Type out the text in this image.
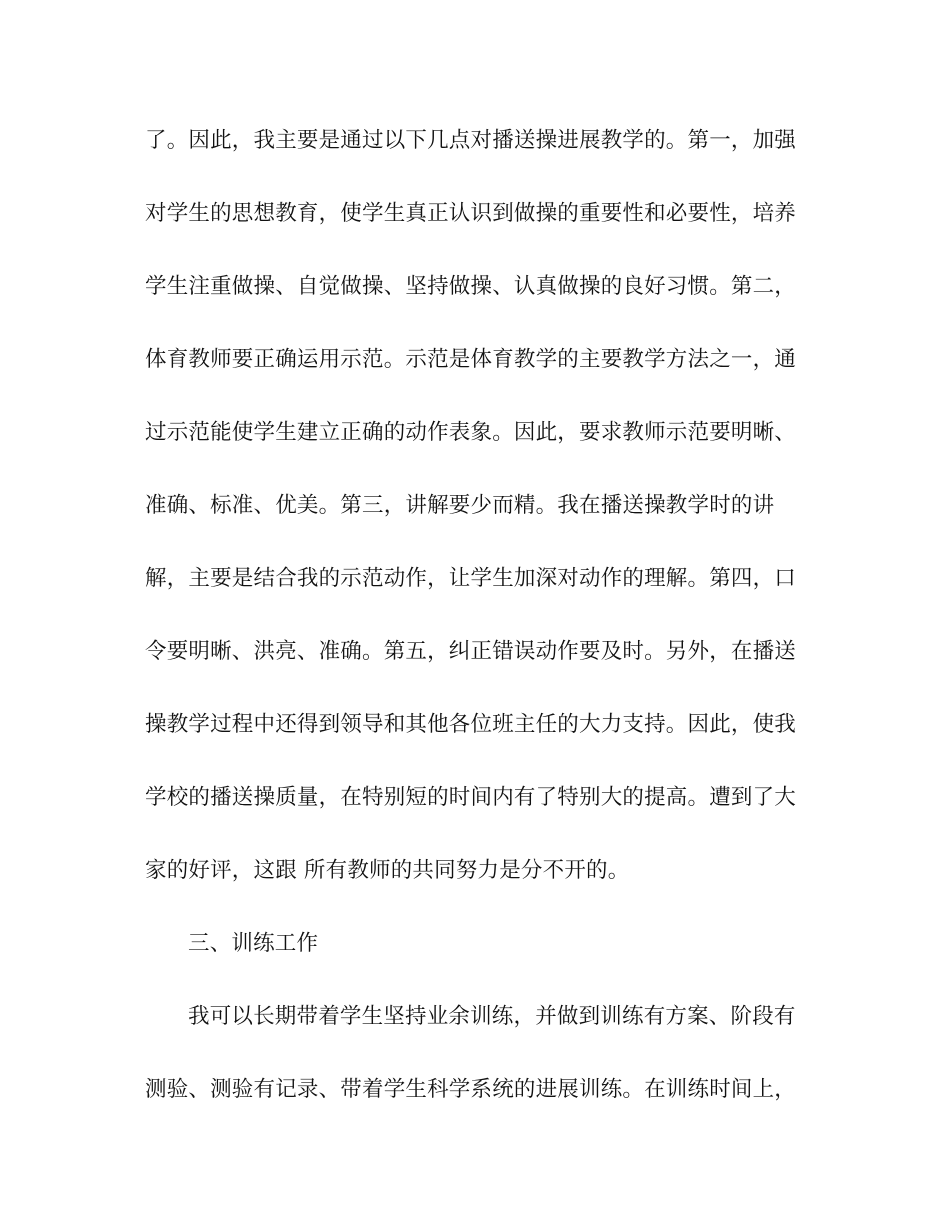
了。因此，我主要是通过以下几点对播送操进展教学的。第一，加强
对学生的思想教育，使学生真正认识到做操的重要性和必要性，培养
学生注重做操、自觉做操、坚持做操、认真做操的良好习惯。第二，
体育教师要正确运用示范。示范是体育教学的主要教学方法之一，通
过示范能使学生建立正确的动作表象。因此，要求教师示范要明晰、
准确、标准、优美。第三，讲解要少而精。我在播送操教学时的讲
解，主要是结合我的示范动作，让学生加深对动作的理解。第四，口
令要明晰、洪亮、准确。第五，纠正错误动作要及时。另外，在播送
操教学过程中还得到领导和其他各位班主任的大力支持。因此，使我
学校的播送操质量，在特别短的时间内有了特别大的提高。遭到了大
家的好评，这跟 所有教师的共同努力是分不开的。
三、训练工作
我可以长期带着学生坚持业余训练，并做到训练有方案、阶段有
测验、测验有记录、带着学生科学系统的进展训练。在训练时间上，
